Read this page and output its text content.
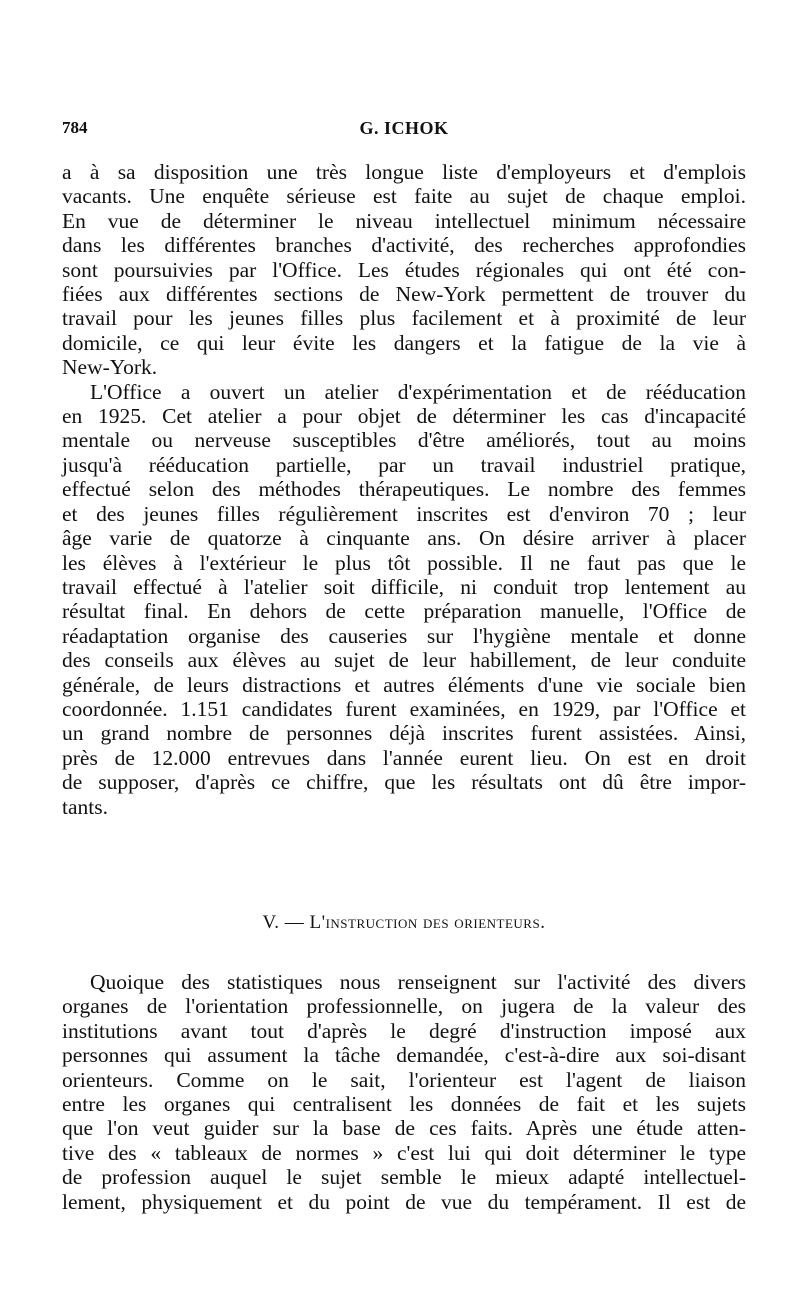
784	G. ICHOK
a à sa disposition une très longue liste d'employeurs et d'emplois
vacants. Une enquête sérieuse est faite au sujet de chaque emploi.
En vue de déterminer le niveau intellectuel minimum nécessaire
dans les différentes branches d'activité, des recherches approfondies
sont poursuivies par l'Office. Les études régionales qui ont été con-
fiées aux différentes sections de New-York permettent de trouver du
travail pour les jeunes filles plus facilement et à proximité de leur
domicile, ce qui leur évite les dangers et la fatigue de la vie à
New-York.
L'Office a ouvert un atelier d'expérimentation et de rééducation
en 1925. Cet atelier a pour objet de déterminer les cas d'incapacité
mentale ou nerveuse susceptibles d'être améliorés, tout au moins
jusqu'à rééducation partielle, par un travail industriel pratique,
effectué selon des méthodes thérapeutiques. Le nombre des femmes
et des jeunes filles régulièrement inscrites est d'environ 70 ; leur
âge varie de quatorze à cinquante ans. On désire arriver à placer
les élèves à l'extérieur le plus tôt possible. Il ne faut pas que le
travail effectué à l'atelier soit difficile, ni conduit trop lentement au
résultat final. En dehors de cette préparation manuelle, l'Office de
réadaptation organise des causeries sur l'hygiène mentale et donne
des conseils aux élèves au sujet de leur habillement, de leur conduite
générale, de leurs distractions et autres éléments d'une vie sociale bien
coordonnée. 1.151 candidates furent examinées, en 1929, par l'Office et
un grand nombre de personnes déjà inscrites furent assistées. Ainsi,
près de 12.000 entrevues dans l'année eurent lieu. On est en droit
de supposer, d'après ce chiffre, que les résultats ont dû être impor-
tants.
V. — L'instruction des orienteurs.
Quoique des statistiques nous renseignent sur l'activité des divers
organes de l'orientation professionnelle, on jugera de la valeur des
institutions avant tout d'après le degré d'instruction imposé aux
personnes qui assument la tâche demandée, c'est-à-dire aux soi-disant
orienteurs. Comme on le sait, l'orienteur est l'agent de liaison
entre les organes qui centralisent les données de fait et les sujets
que l'on veut guider sur la base de ces faits. Après une étude atten-
tive des « tableaux de normes » c'est lui qui doit déterminer le type
de profession auquel le sujet semble le mieux adapté intellectuel-
lement, physiquement et du point de vue du tempérament. Il est de
